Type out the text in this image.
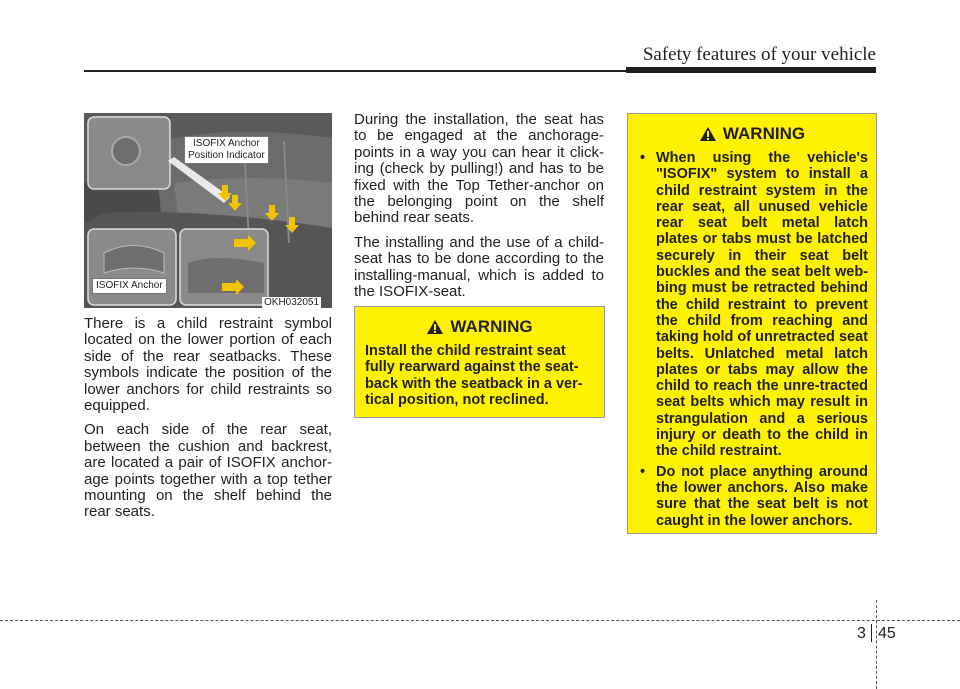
Safety features of your vehicle
ISOFIX Anchor
Position Indicator
ISOFIX Anchor
OKH032051

There is a child restraint symbol located on the lower portion of each side of the rear seatbacks. These symbols indicate the position of the lower anchors for child restraints so equipped.

On each side of the rear seat, between the cushion and backrest, are located a pair of ISOFIX anchor-age points together with a top tether mounting on the shelf behind the rear seats.

During the installation, the seat has to be engaged at the anchorage-points in a way you can hear it click-ing (check by pulling!) and has to be fixed with the Top Tether-anchor on the belonging point on the shelf behind rear seats.

The installing and the use of a child-seat has to be done according to the installing-manual, which is added to the ISOFIX-seat.

WARNING
Install the child restraint seat fully rearward against the seat-back with the seatback in a ver-tical position, not reclined.
WARNING
• When using the vehicle's "ISOFIX" system to install a child restraint system in the rear seat, all unused vehicle rear seat belt metal latch plates or tabs must be latched securely in their seat belt buckles and the seat belt web-bing must be retracted behind the child restraint to prevent the child from reaching and taking hold of unretracted seat belts. Unlatched metal latch plates or tabs may allow the child to reach the unre-tracted seat belts which may result in strangulation and a serious injury or death to the child in the child restraint.
• Do not place anything around the lower anchors. Also make sure that the seat belt is not caught in the lower anchors.
3 45
